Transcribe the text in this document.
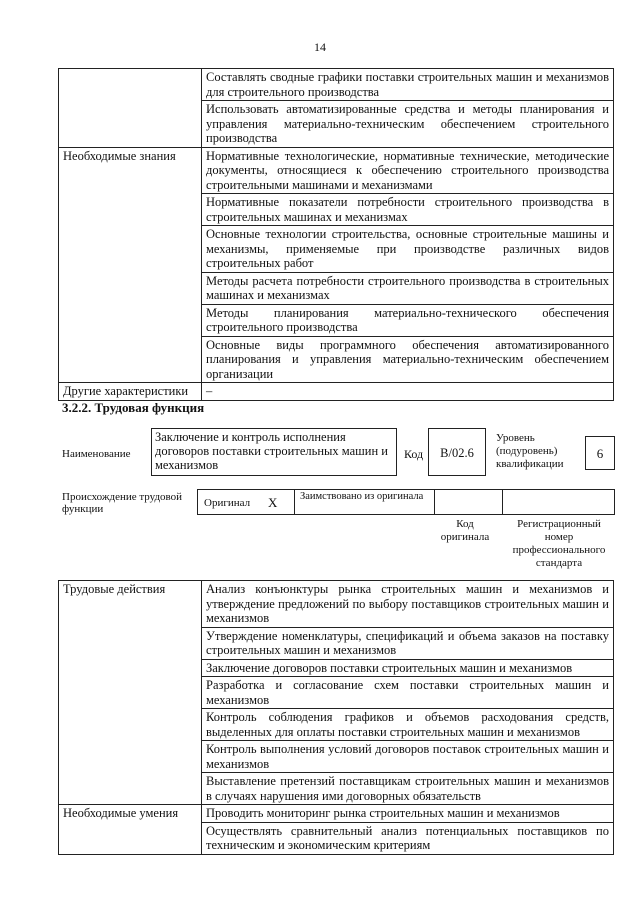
14
	Составлять сводные графики поставки строительных машин и механизмов для строительного производства
	Использовать автоматизированные средства и методы планирования и управления материально-техническим обеспечением строительного производства
Необходимые знания	Нормативные технологические, нормативные технические, методические документы, относящиеся к обеспечению строительного производства строительными машинами и механизмами
	Нормативные показатели потребности строительного производства в строительных машинах и механизмах
	Основные технологии строительства, основные строительные машины и механизмы, применяемые при производстве различных видов строительных работ
	Методы расчета потребности строительного производства в строительных машинах и механизмах
	Методы планирования материально-технического обеспечения строительного производства
	Основные виды программного обеспечения автоматизированного планирования и управления материально-техническим обеспечением организации
Другие характеристики	–
3.2.2. Трудовая функция
Наименование
Заключение и контроль исполнения договоров поставки строительных машин и механизмов
Код	B/02.6
Уровень (подуровень) квалификации
6
Происхождение трудовой функции	Оригинал X Заимствовано из оригинала
Код оригинала
Регистрационный номер профессионального стандарта
Трудовые действия	Анализ конъюнктуры рынка строительных машин и механизмов и утверждение предложений по выбору поставщиков строительных машин и механизмов
	Утверждение номенклатуры, спецификаций и объема заказов на поставку строительных машин и механизмов
	Заключение договоров поставки строительных машин и механизмов
	Разработка и согласование схем поставки строительных машин и механизмов
	Контроль соблюдения графиков и объемов расходования средств, выделенных для оплаты поставки строительных машин и механизмов
	Контроль выполнения условий договоров поставок строительных машин и механизмов
	Выставление претензий поставщикам строительных машин и механизмов в случаях нарушения ими договорных обязательств
Необходимые умения	Проводить мониторинг рынка строительных машин и механизмов
	Осуществлять сравнительный анализ потенциальных поставщиков по техническим и экономическим критериям
